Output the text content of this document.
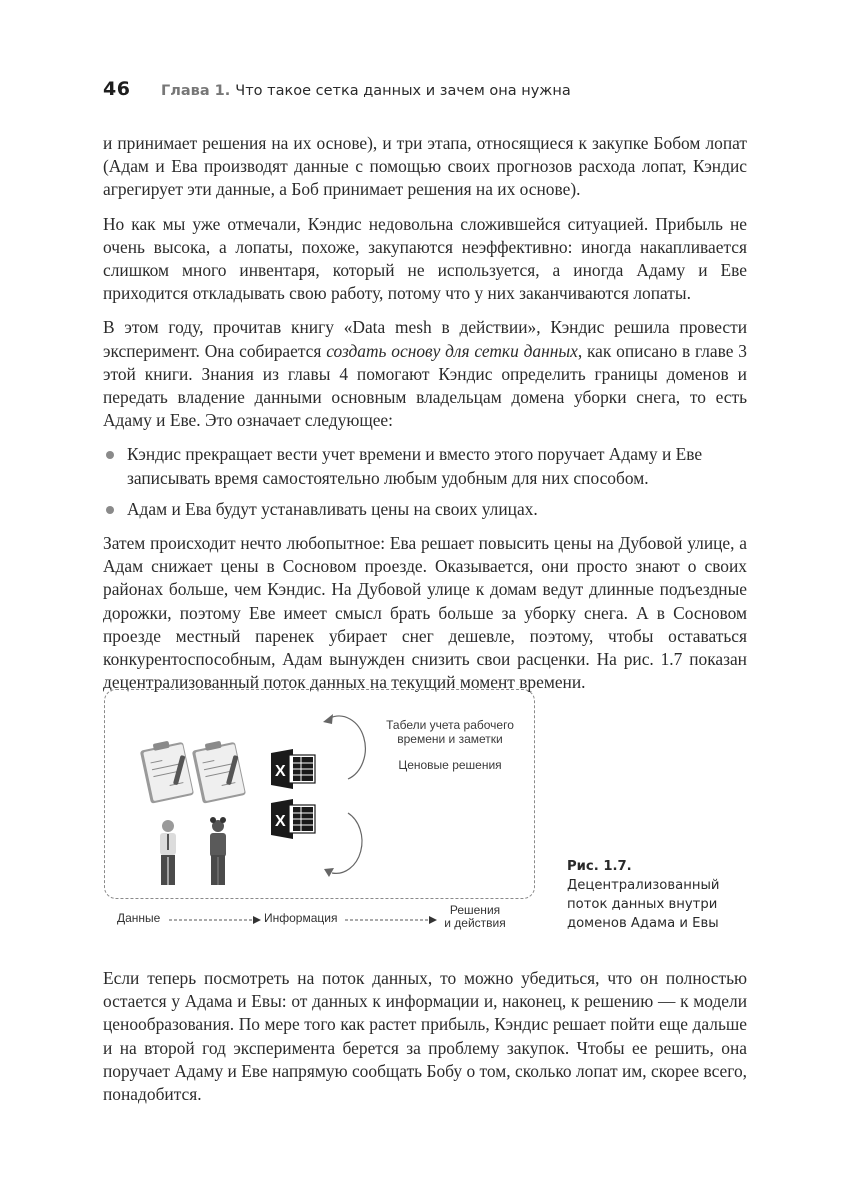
46	Глава 1. Что такое сетка данных и зачем она нужна

и принимает решения на их основе), и три этапа, относящиеся к закупке Бобом лопат (Адам и Ева производят данные с помощью своих прогнозов расхода лопат, Кэндис агрегирует эти данные, а Боб принимает решения на их основе).

Но как мы уже отмечали, Кэндис недовольна сложившейся ситуацией. Прибыль не очень высока, а лопаты, похоже, закупаются неэффективно: иногда накапливается слишком много инвентаря, который не используется, а иногда Адаму и Еве приходится откладывать свою работу, потому что у них заканчиваются лопаты.

В этом году, прочитав книгу «Data mesh в действии», Кэндис решила провести эксперимент. Она собирается создать основу для сетки данных, как описано в главе 3 этой книги. Знания из главы 4 помогают Кэндис определить границы доменов и передать владение данными основным владельцам домена уборки снега, то есть Адаму и Еве. Это означает следующее:

Кэндис прекращает вести учет времени и вместо этого поручает Адаму и Еве записывать время самостоятельно любым удобным для них способом.
Адам и Ева будут устанавливать цены на своих улицах.

Затем происходит нечто любопытное: Ева решает повысить цены на Дубовой улице, а Адам снижает цены в Сосновом проезде. Оказывается, они просто знают о своих районах больше, чем Кэндис. На Дубовой улице к домам ведут длинные подъездные дорожки, поэтому Еве имеет смысл брать больше за уборку снега. А в Сосновом проезде местный паренек убирает снег дешевле, поэтому, чтобы оставаться конкурентоспособным, Адам вынужден снизить свои расценки. На рис. 1.7 показан децентрализованный поток данных на текущий момент времени.

X
X
Табели учета рабочего
времени и заметки
Ценовые решения
Данные	Информация
Решения
и действия
Рис. 1.7.
Децентрализованный поток данных внутри доменов Адама и Евы

Если теперь посмотреть на поток данных, то можно убедиться, что он полностью остается у Адама и Евы: от данных к информации и, наконец, к решению — к модели ценообразования. По мере того как растет прибыль, Кэндис решает пойти еще дальше и на второй год эксперимента берется за проблему закупок. Чтобы ее решить, она поручает Адаму и Еве напрямую сообщать Бобу о том, сколько лопат им, скорее всего, понадобится.
